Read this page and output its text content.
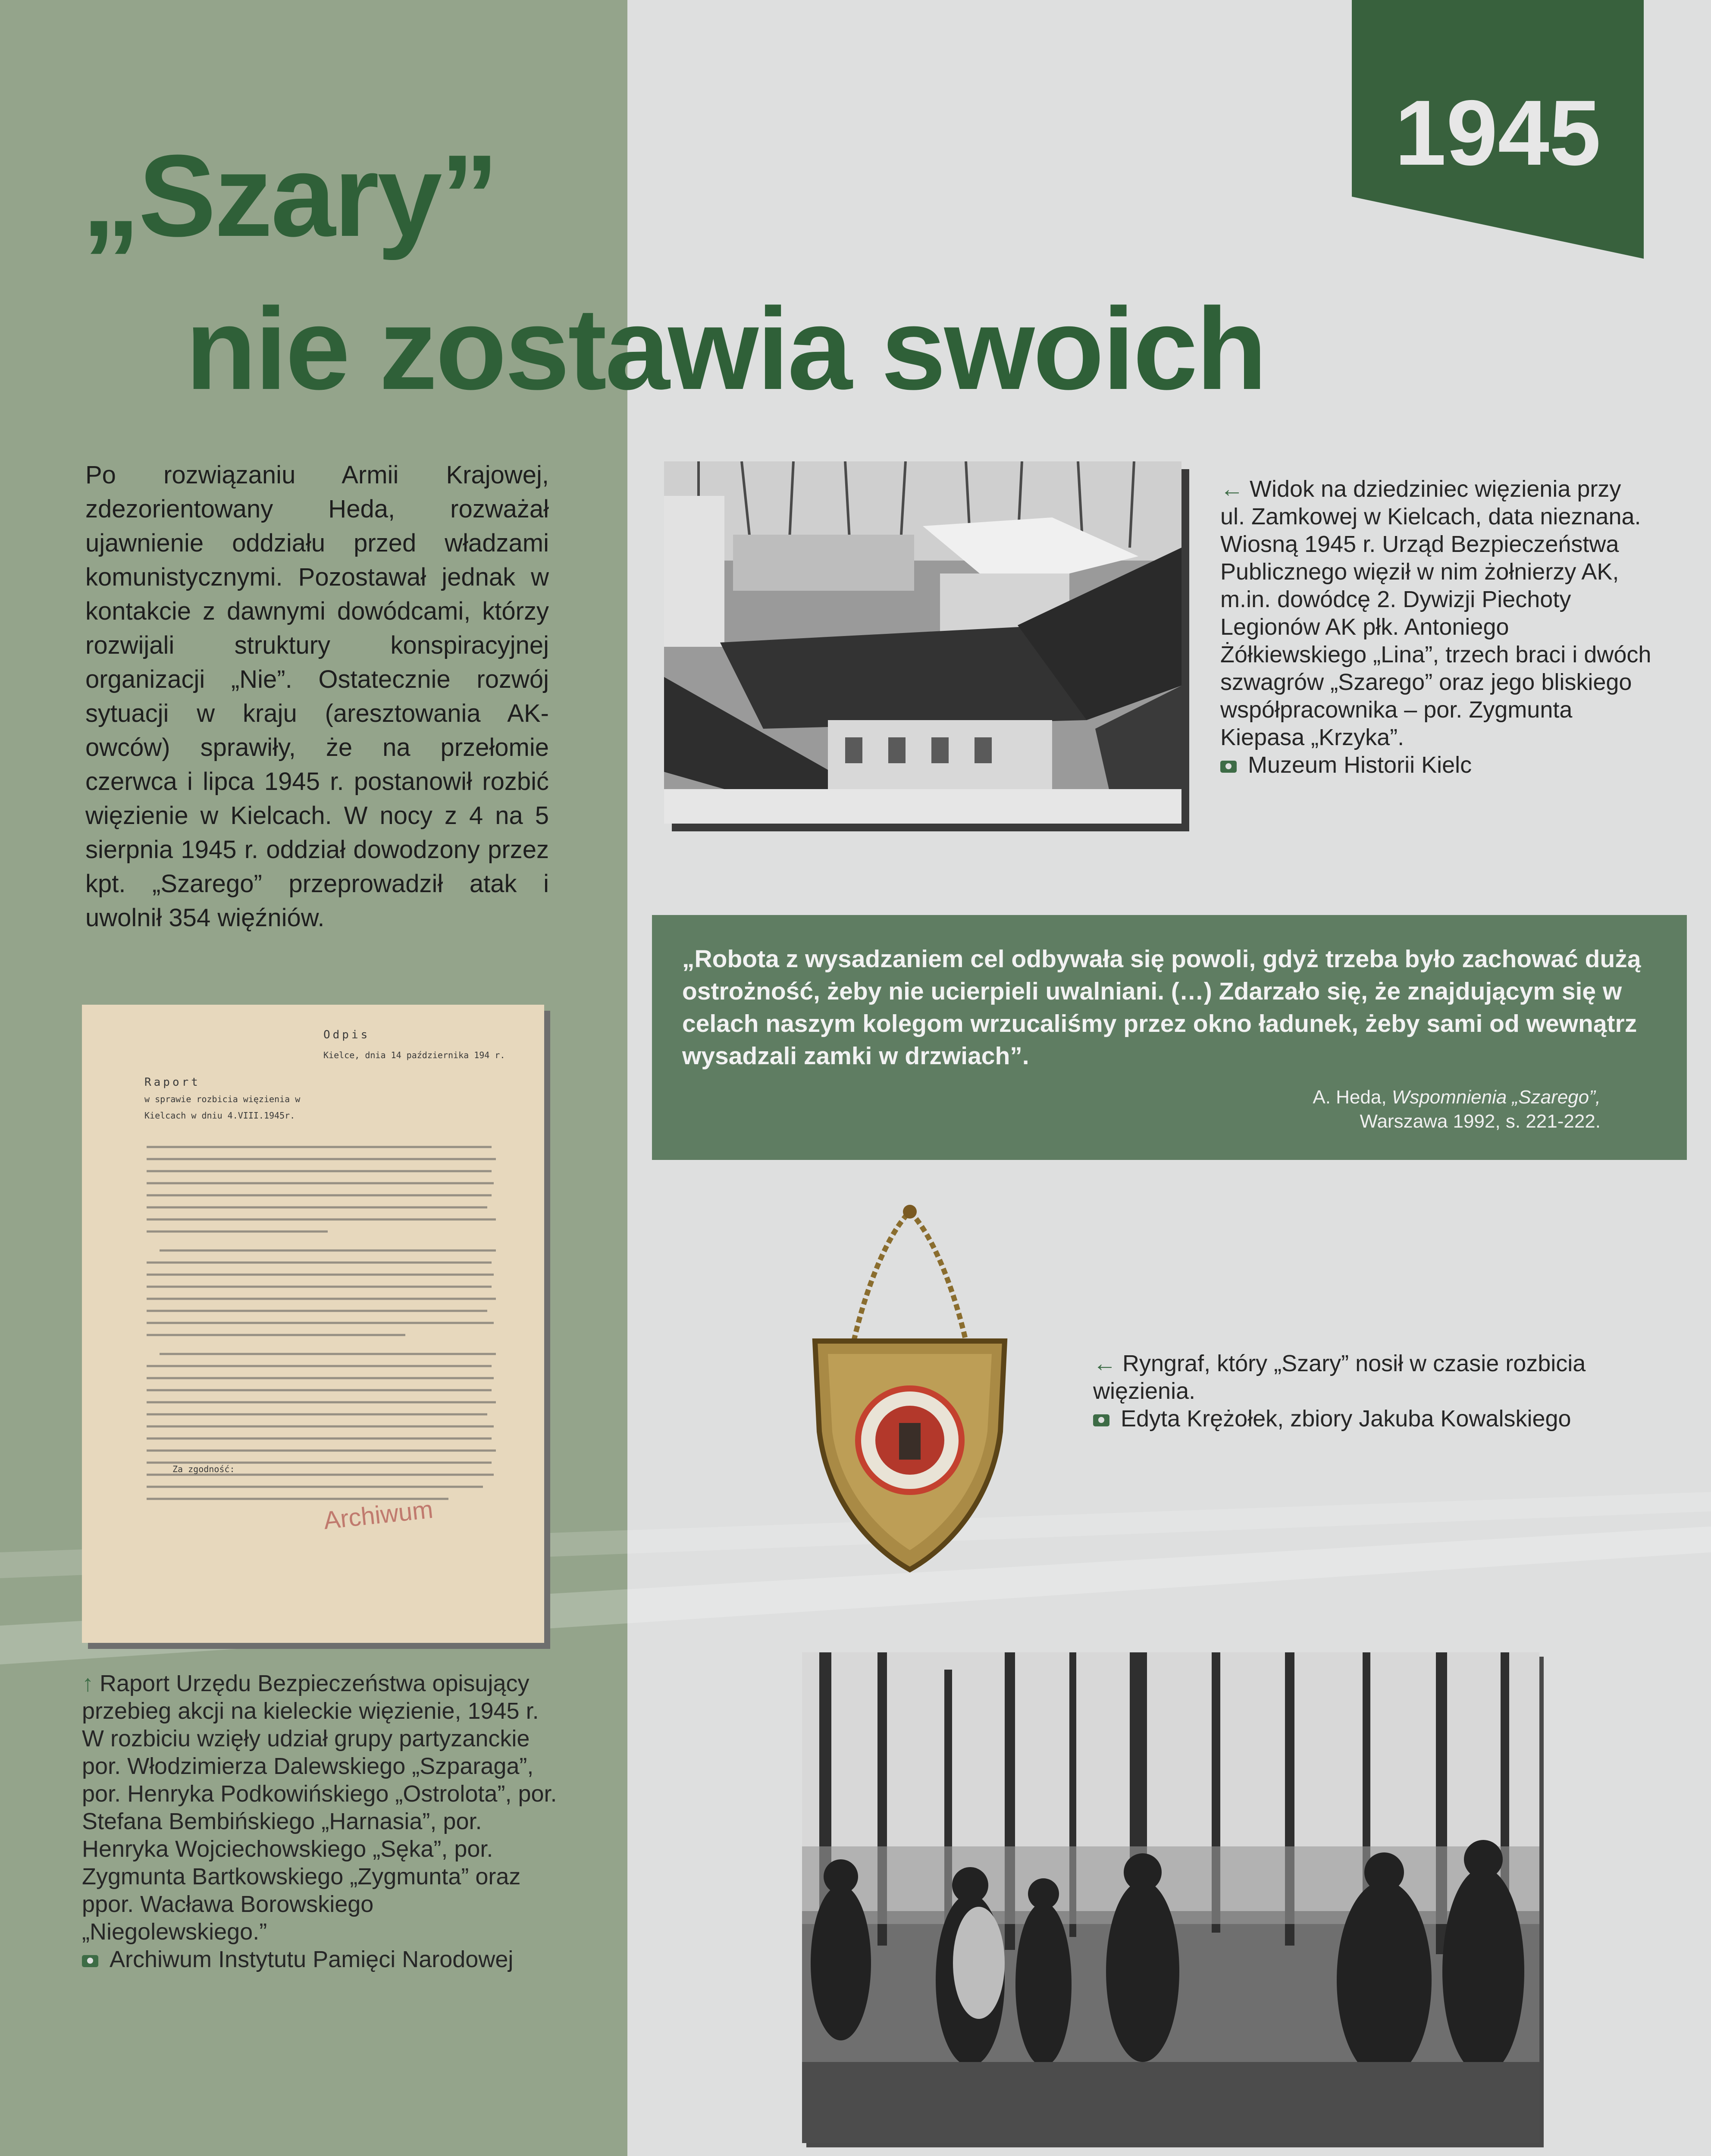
1945
„Szary”
nie zostawia swoich
Po rozwiązaniu Armii Krajowej, zdezorientowany Heda, rozważał ujawnienie oddziału przed władzami komunistycznymi. Pozostawał jednak w kontakcie z dawnymi dowódcami, którzy rozwijali struktury konspiracyjnej organizacji „Nie”. Ostatecznie rozwój sytuacji w kraju (aresztowania AK-owców) sprawiły, że na przełomie czerwca i lipca 1945 r. postanowił rozbić więzienie w Kielcach. W nocy z 4 na 5 sierpnia 1945 r. oddział dowodzony przez kpt. „Szarego” przeprowadził atak i uwolnił 354 więźniów.
← Widok na dziedziniec więzienia przy ul. Zamkowej w Kielcach, data nieznana. Wiosną 1945 r. Urząd Bezpieczeństwa Publicznego więził w nim żołnierzy AK, m.in. dowódcę 2. Dywizji Piechoty Legionów AK płk. Antoniego Żółkiewskiego „Lina”, trzech braci i dwóch szwagrów „Szarego” oraz jego bliskiego współpracownika – por. Zygmunta Kiepasa „Krzyka”.
Muzeum Historii Kielc
„Robota z wysadzaniem cel odbywała się powoli, gdyż trzeba było zachować dużą ostrożność, żeby nie ucierpieli uwalniani. (…) Zdarzało się, że znajdującym się w celach naszym kolegom wrzucaliśmy przez okno ładunek, żeby sami od wewnątrz wysadzali zamki w drzwiach”.
A. Heda, Wspomnienia „Szarego”,
Warszawa 1992, s. 221-222.
Odpis
Kielce, dnia 14 października 194 r.
Raport
w sprawie rozbicia więzienia w Kielcach w dniu 4.VIII.1945r.
Za zgodność:
Archiwum
↑ Raport Urzędu Bezpieczeństwa opisujący przebieg akcji na kieleckie więzienie, 1945 r. W rozbiciu wzięły udział grupy partyzanckie por. Włodzimierza Dalewskiego „Szparaga”, por. Henryka Podkowińskiego „Ostrolota”, por. Stefana Bembińskiego „Harnasia”, por. Henryka Wojciechowskiego „Sęka”, por. Zygmunta Bartkowskiego „Zygmunta” oraz ppor. Wacława Borowskiego „Niegolewskiego.”
Archiwum Instytutu Pamięci Narodowej
← Ryngraf, który „Szary” nosił w czasie rozbicia więzienia.
Edyta Krężołek, zbiory Jakuba Kowalskiego
